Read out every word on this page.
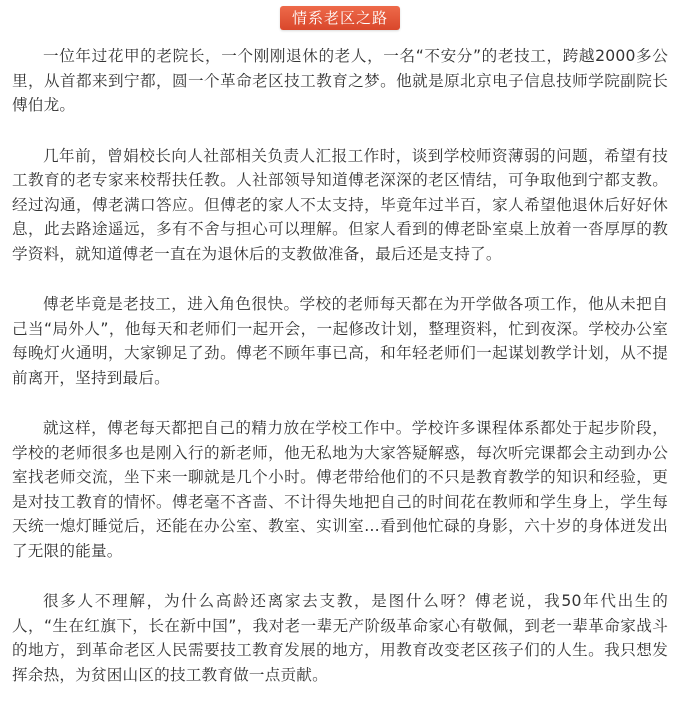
情系老区之路

一位年过花甲的老院长，一个刚刚退休的老人，一名“不安分”的老技工，跨越2000多公里，从首都来到宁都，圆一个革命老区技工教育之梦。他就是原北京电子信息技师学院副院长傅伯龙。

几年前，曾娟校长向人社部相关负责人汇报工作时，谈到学校师资薄弱的问题，希望有技工教育的老专家来校帮扶任教。人社部领导知道傅老深深的老区情结，可争取他到宁都支教。经过沟通，傅老满口答应。但傅老的家人不太支持，毕竟年过半百，家人希望他退休后好好休息，此去路途遥远，多有不舍与担心可以理解。但家人看到的傅老卧室桌上放着一沓厚厚的教学资料，就知道傅老一直在为退休后的支教做准备，最后还是支持了。

傅老毕竟是老技工，进入角色很快。学校的老师每天都在为开学做各项工作，他从未把自己当“局外人”，他每天和老师们一起开会，一起修改计划，整理资料，忙到夜深。学校办公室每晚灯火通明，大家铆足了劲。傅老不顾年事已高，和年轻老师们一起谋划教学计划，从不提前离开，坚持到最后。

就这样，傅老每天都把自己的精力放在学校工作中。学校许多课程体系都处于起步阶段，学校的老师很多也是刚入行的新老师，他无私地为大家答疑解惑，每次听完课都会主动到办公室找老师交流，坐下来一聊就是几个小时。傅老带给他们的不只是教育教学的知识和经验，更是对技工教育的情怀。傅老毫不吝啬、不计得失地把自己的时间花在教师和学生身上，学生每天统一熄灯睡觉后，还能在办公室、教室、实训室…看到他忙碌的身影，六十岁的身体迸发出了无限的能量。

很多人不理解，为什么高龄还离家去支教，是图什么呀？傅老说，我50年代出生的人，“生在红旗下，长在新中国”，我对老一辈无产阶级革命家心有敬佩，到老一辈革命家战斗的地方，到革命老区人民需要技工教育发展的地方，用教育改变老区孩子们的人生。我只想发挥余热，为贫困山区的技工教育做一点贡献。
